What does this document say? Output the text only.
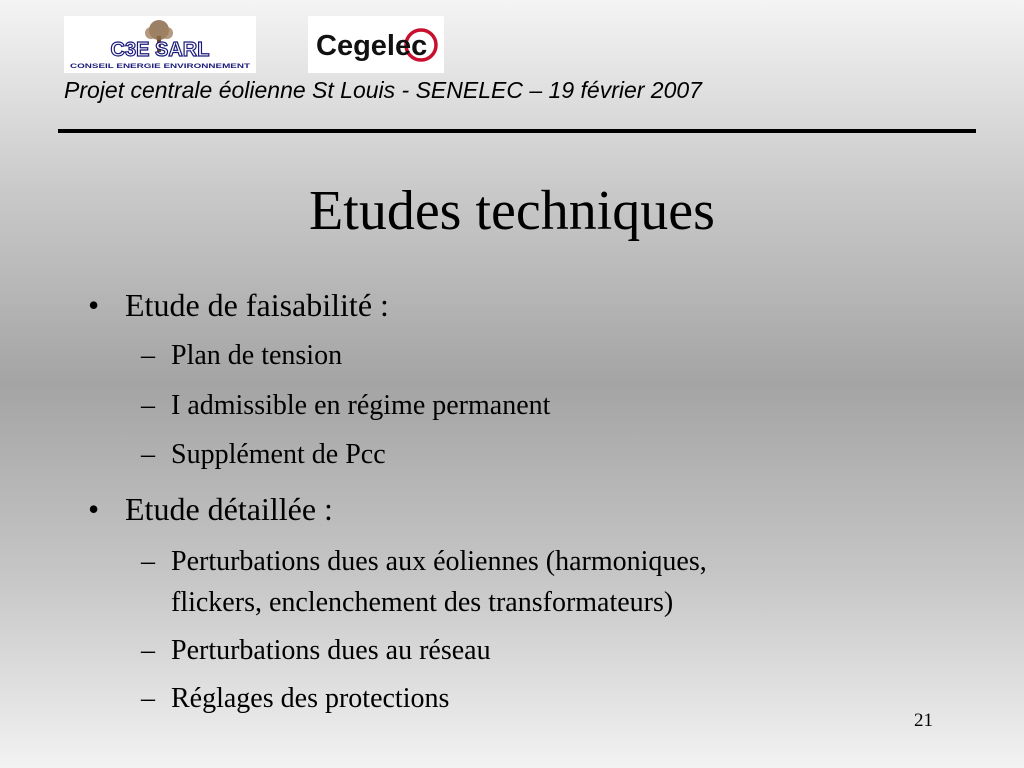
C3E SARL
CONSEIL ENERGIE ENVIRONNEMENT
Cegelec

Projet centrale éolienne St Louis - SENELEC – 19 février 2007

Etudes techniques
• Etude de faisabilité :
– Plan de tension
– I admissible en régime permanent
– Supplément de Pcc
• Etude détaillée :
– Perturbations dues aux éoliennes (harmoniques,
flickers, enclenchement des transformateurs)
– Perturbations dues au réseau
– Réglages des protections
21
